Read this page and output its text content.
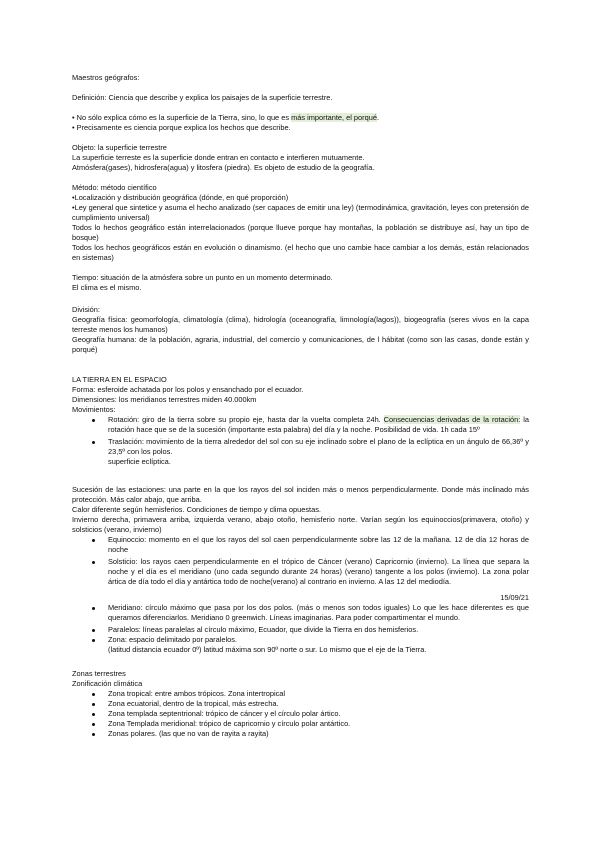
Maestros geógrafos:

Definición: Ciencia que describe y explica los paisajes de la superficie terrestre.

• No sólo explica cómo es la superficie de la Tierra, sino, lo que es más importante, el porqué.

• Precisamente es ciencia porque explica los hechos que describe.

Objeto: la superficie terrestre

La superficie terreste es la superficie donde entran en contacto e interfieren mutuamente.

Atmósfera(gases), hidrosfera(agua) y litosfera (piedra). Es objeto de estudio de la geografía.

Método: método científico

•Localización y distribución geográfica (dónde, en qué proporción)

•Ley general que sintetice y asuma el hecho analizado (ser capaces de emitir una ley) (termodinámica, gravitación, leyes con pretensión de cumplimiento universal)

Todos lo hechos geográfico están interrelacionados (porque llueve porque hay montañas, la población se distribuye así, hay un tipo de bosque)

Todos los hechos geográficos están en evolución o dinamismo. (el hecho que uno cambie hace cambiar a los demás, están relacionados en sistemas)

Tiempo: situación de la atmósfera sobre un punto en un momento determinado.

El clima es el mismo.

División:

Geografía física: geomorfología, climatología (clima), hidrología (oceanografía, limnología(lagos)), biogeografía (seres vivos en la capa terreste menos los humanos)

Geografía humana: de la población, agraria, industrial, del comercio y comunicaciones, de l hábitat (como son las casas, donde están y porqué)

LA TIERRA EN EL ESPACIO

Forma: esferoide achatada por los polos y ensanchado por el ecuador.

Dimensiones: los meridianos terrestres miden 40.000km

Movimientos:

Rotación: giro de la tierra sobre su propio eje, hasta dar la vuelta completa 24h. Consecuencias derivadas de la rotación: la rotación hace que se de la sucesión (importante esta palabra) del día y la noche. Posibilidad de vida. 1h cada 15º
Traslación: movimiento de la tierra alrededor del sol con su eje inclinado sobre el plano de la eclíptica en un ángulo de 66,36º y 23,5º con los polos.
superficie eclíptica.

Sucesión de las estaciones: una parte en la que los rayos del sol inciden más o menos perpendicularmente. Donde más inclinado más protección. Más calor abajo, que arriba.

Calor diferente según hemisferios. Condiciones de tiempo y clima opuestas.

Invierno derecha, primavera arriba, izquierda verano, abajo otoño, hemisferio norte. Varían según los equinoccios(primavera, otoño) y solsticios (verano, invierno)

Equinoccio: momento en el que los rayos del sol caen perpendicularmente sobre las 12 de la mañana. 12 de día 12 horas de noche
Solsticio: los rayos caen perpendicularmente en el trópico de Cáncer (verano) Capricornio (invierno). La línea que separa la noche y el día es el meridiano (uno cada segundo durante 24 horas) (verano) tangente a los polos (invierno). La zona polar ártica de día todo el día y antártica todo de noche(verano) al contrario en invierno. A las 12 del mediodía.

15/09/21

Meridiano: círculo máximo que pasa por los dos polos. (más o menos son todos iguales) Lo que les hace diferentes es que queramos diferenciarlos. Meridiano 0 greenwich. Líneas imaginarias. Para poder compartimentar el mundo.
Paralelos: líneas paralelas al círculo máximo, Ecuador, que divide la Tierra en dos hemisferios.
Zona: espacio delimitado por paralelos.
(latitud distancia ecuador 0º) latitud máxima son 90º norte o sur. Lo mismo que el eje de la Tierra.

Zonas terrestres

Zonificación climática

Zona tropical: entre ambos trópicos. Zona intertropical
Zona ecuatorial, dentro de la tropical, más estrecha.
Zona templada septentrional: trópico de cáncer y el círculo polar ártico.
Zona Templada meridional: trópico de capricornio y círculo polar antártico.
Zonas polares. (las que no van de rayita a rayita)
